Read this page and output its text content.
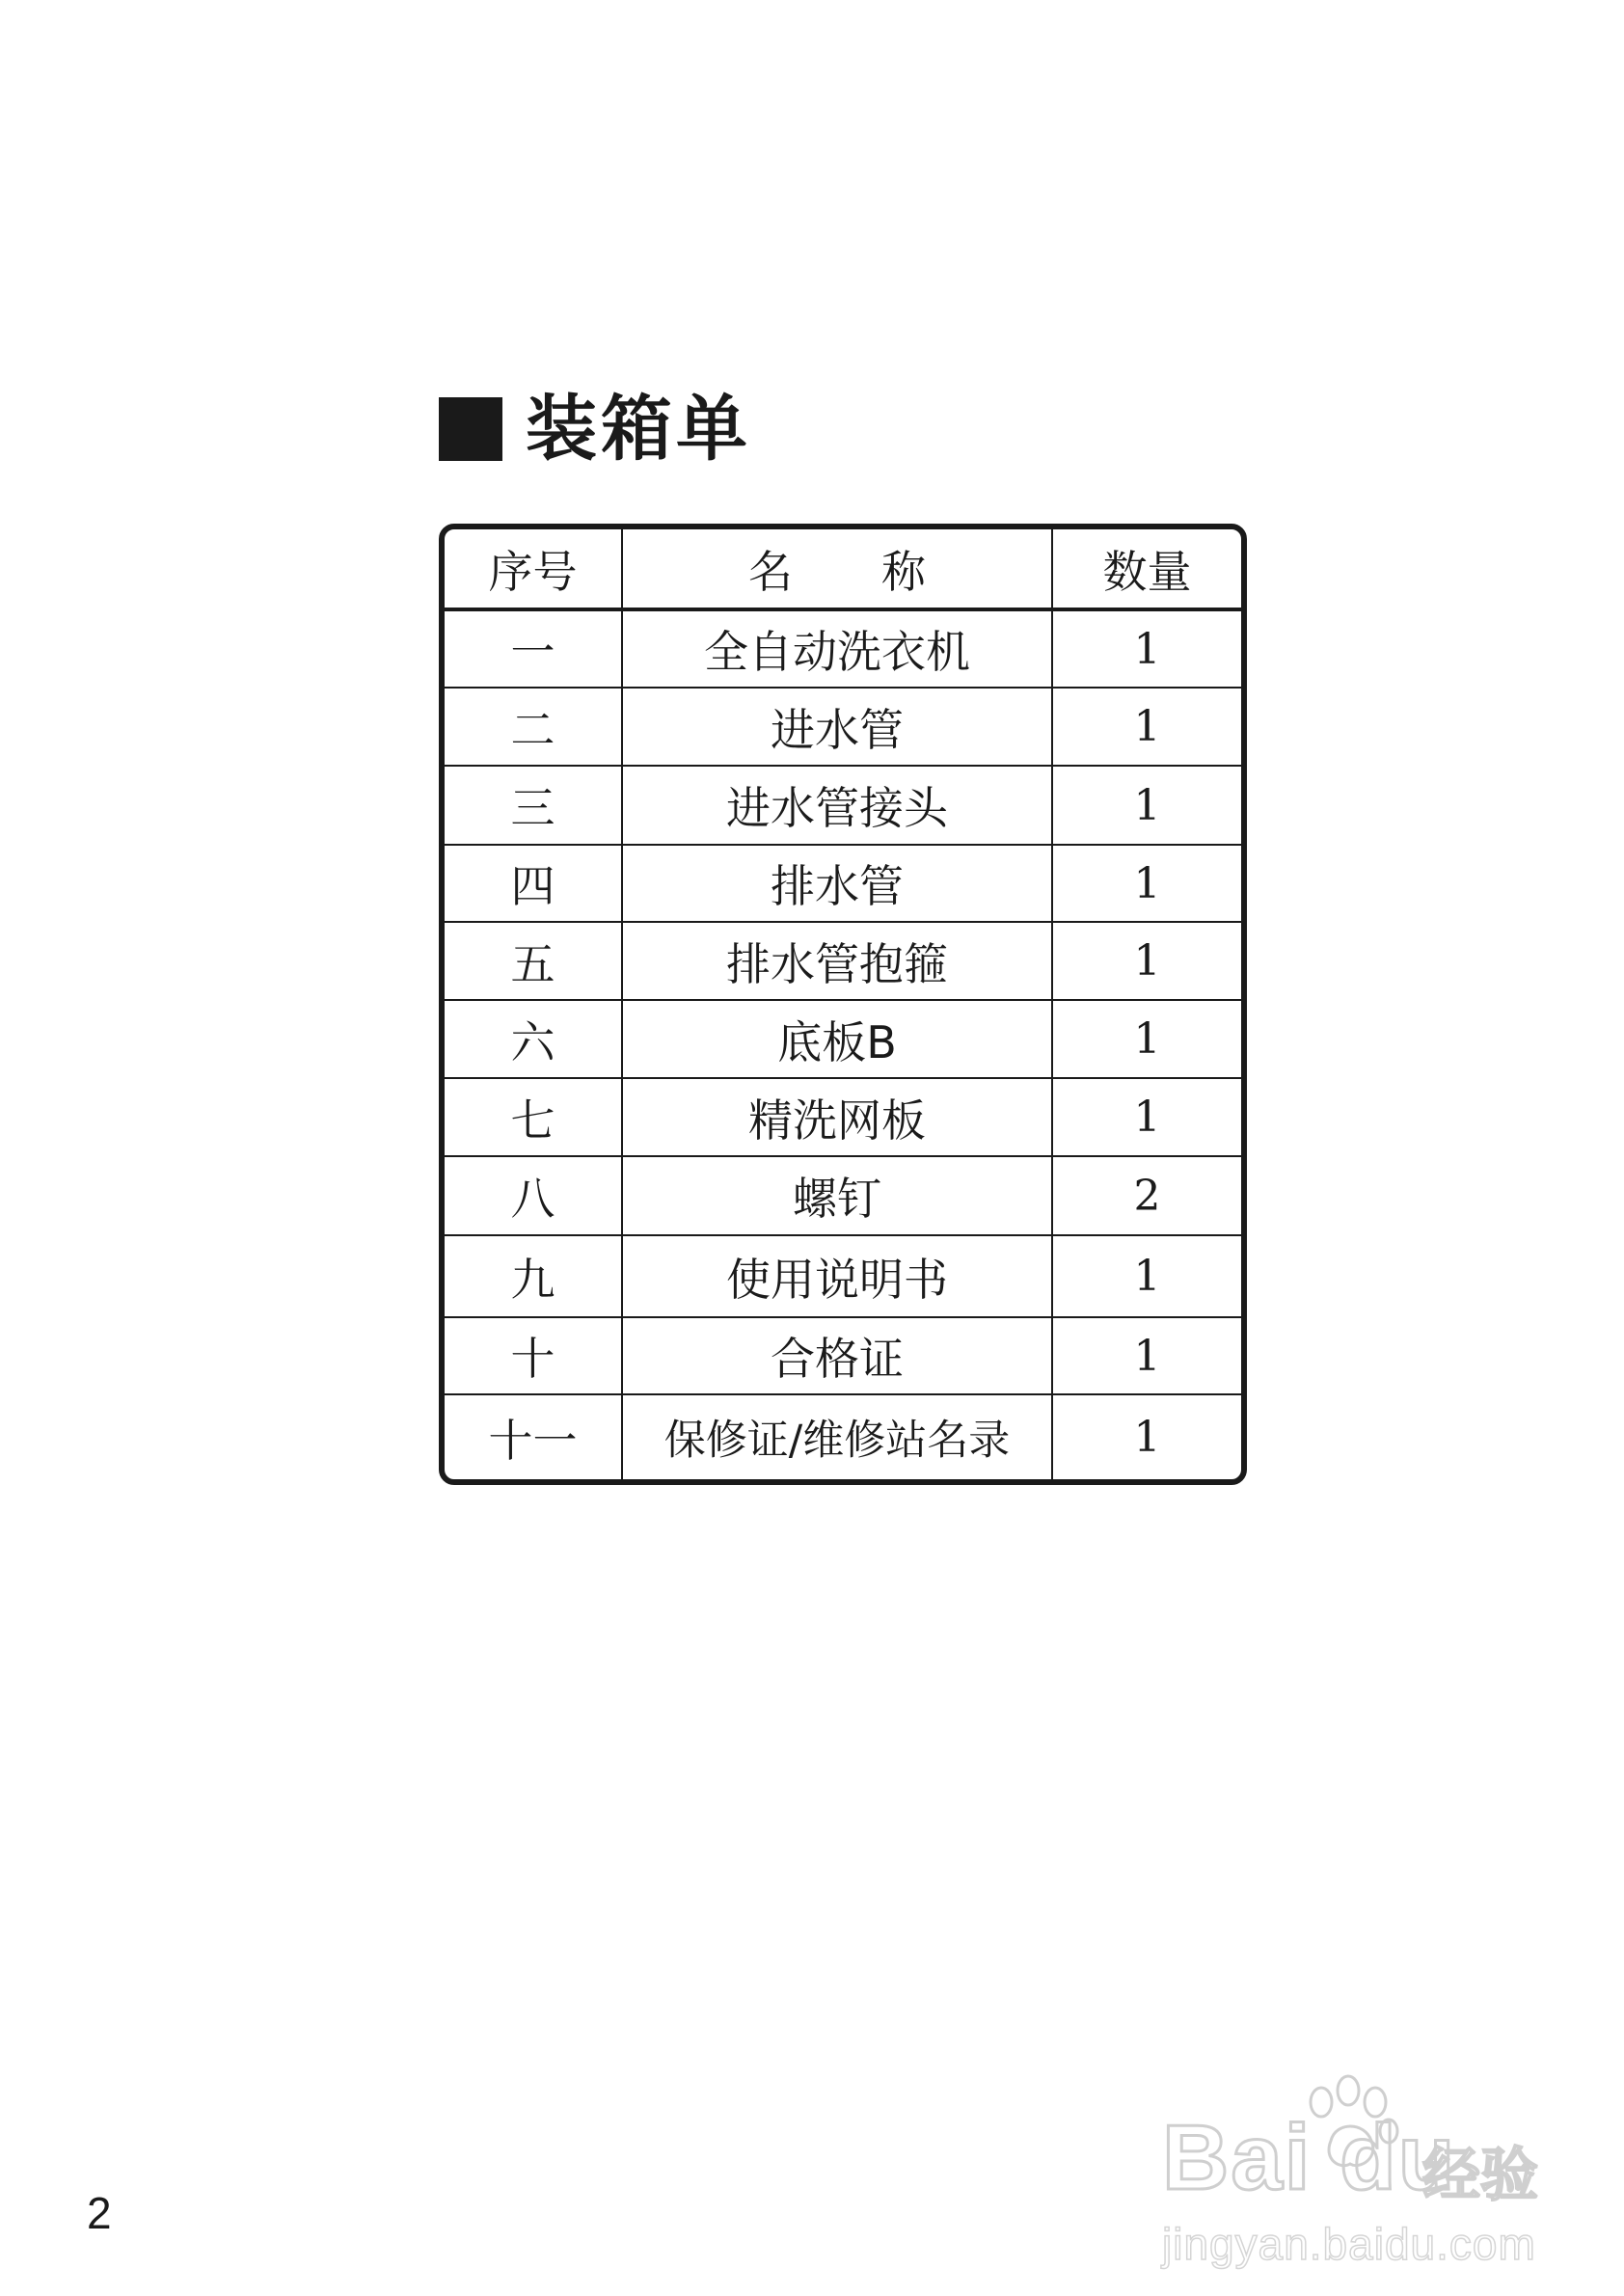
装箱单
序号	名　　称	数量
一	全自动洗衣机	1
二	进水管	1
三	进水管接头	1
四	排水管	1
五	排水管抱箍	1
六	底板B	1
七	精洗网板	1
八	螺钉	2
九	使用说明书	1
十	合格证	1
十一	保修证/维修站名录	1
2
Bai du
经验
jingyan.baidu.com
